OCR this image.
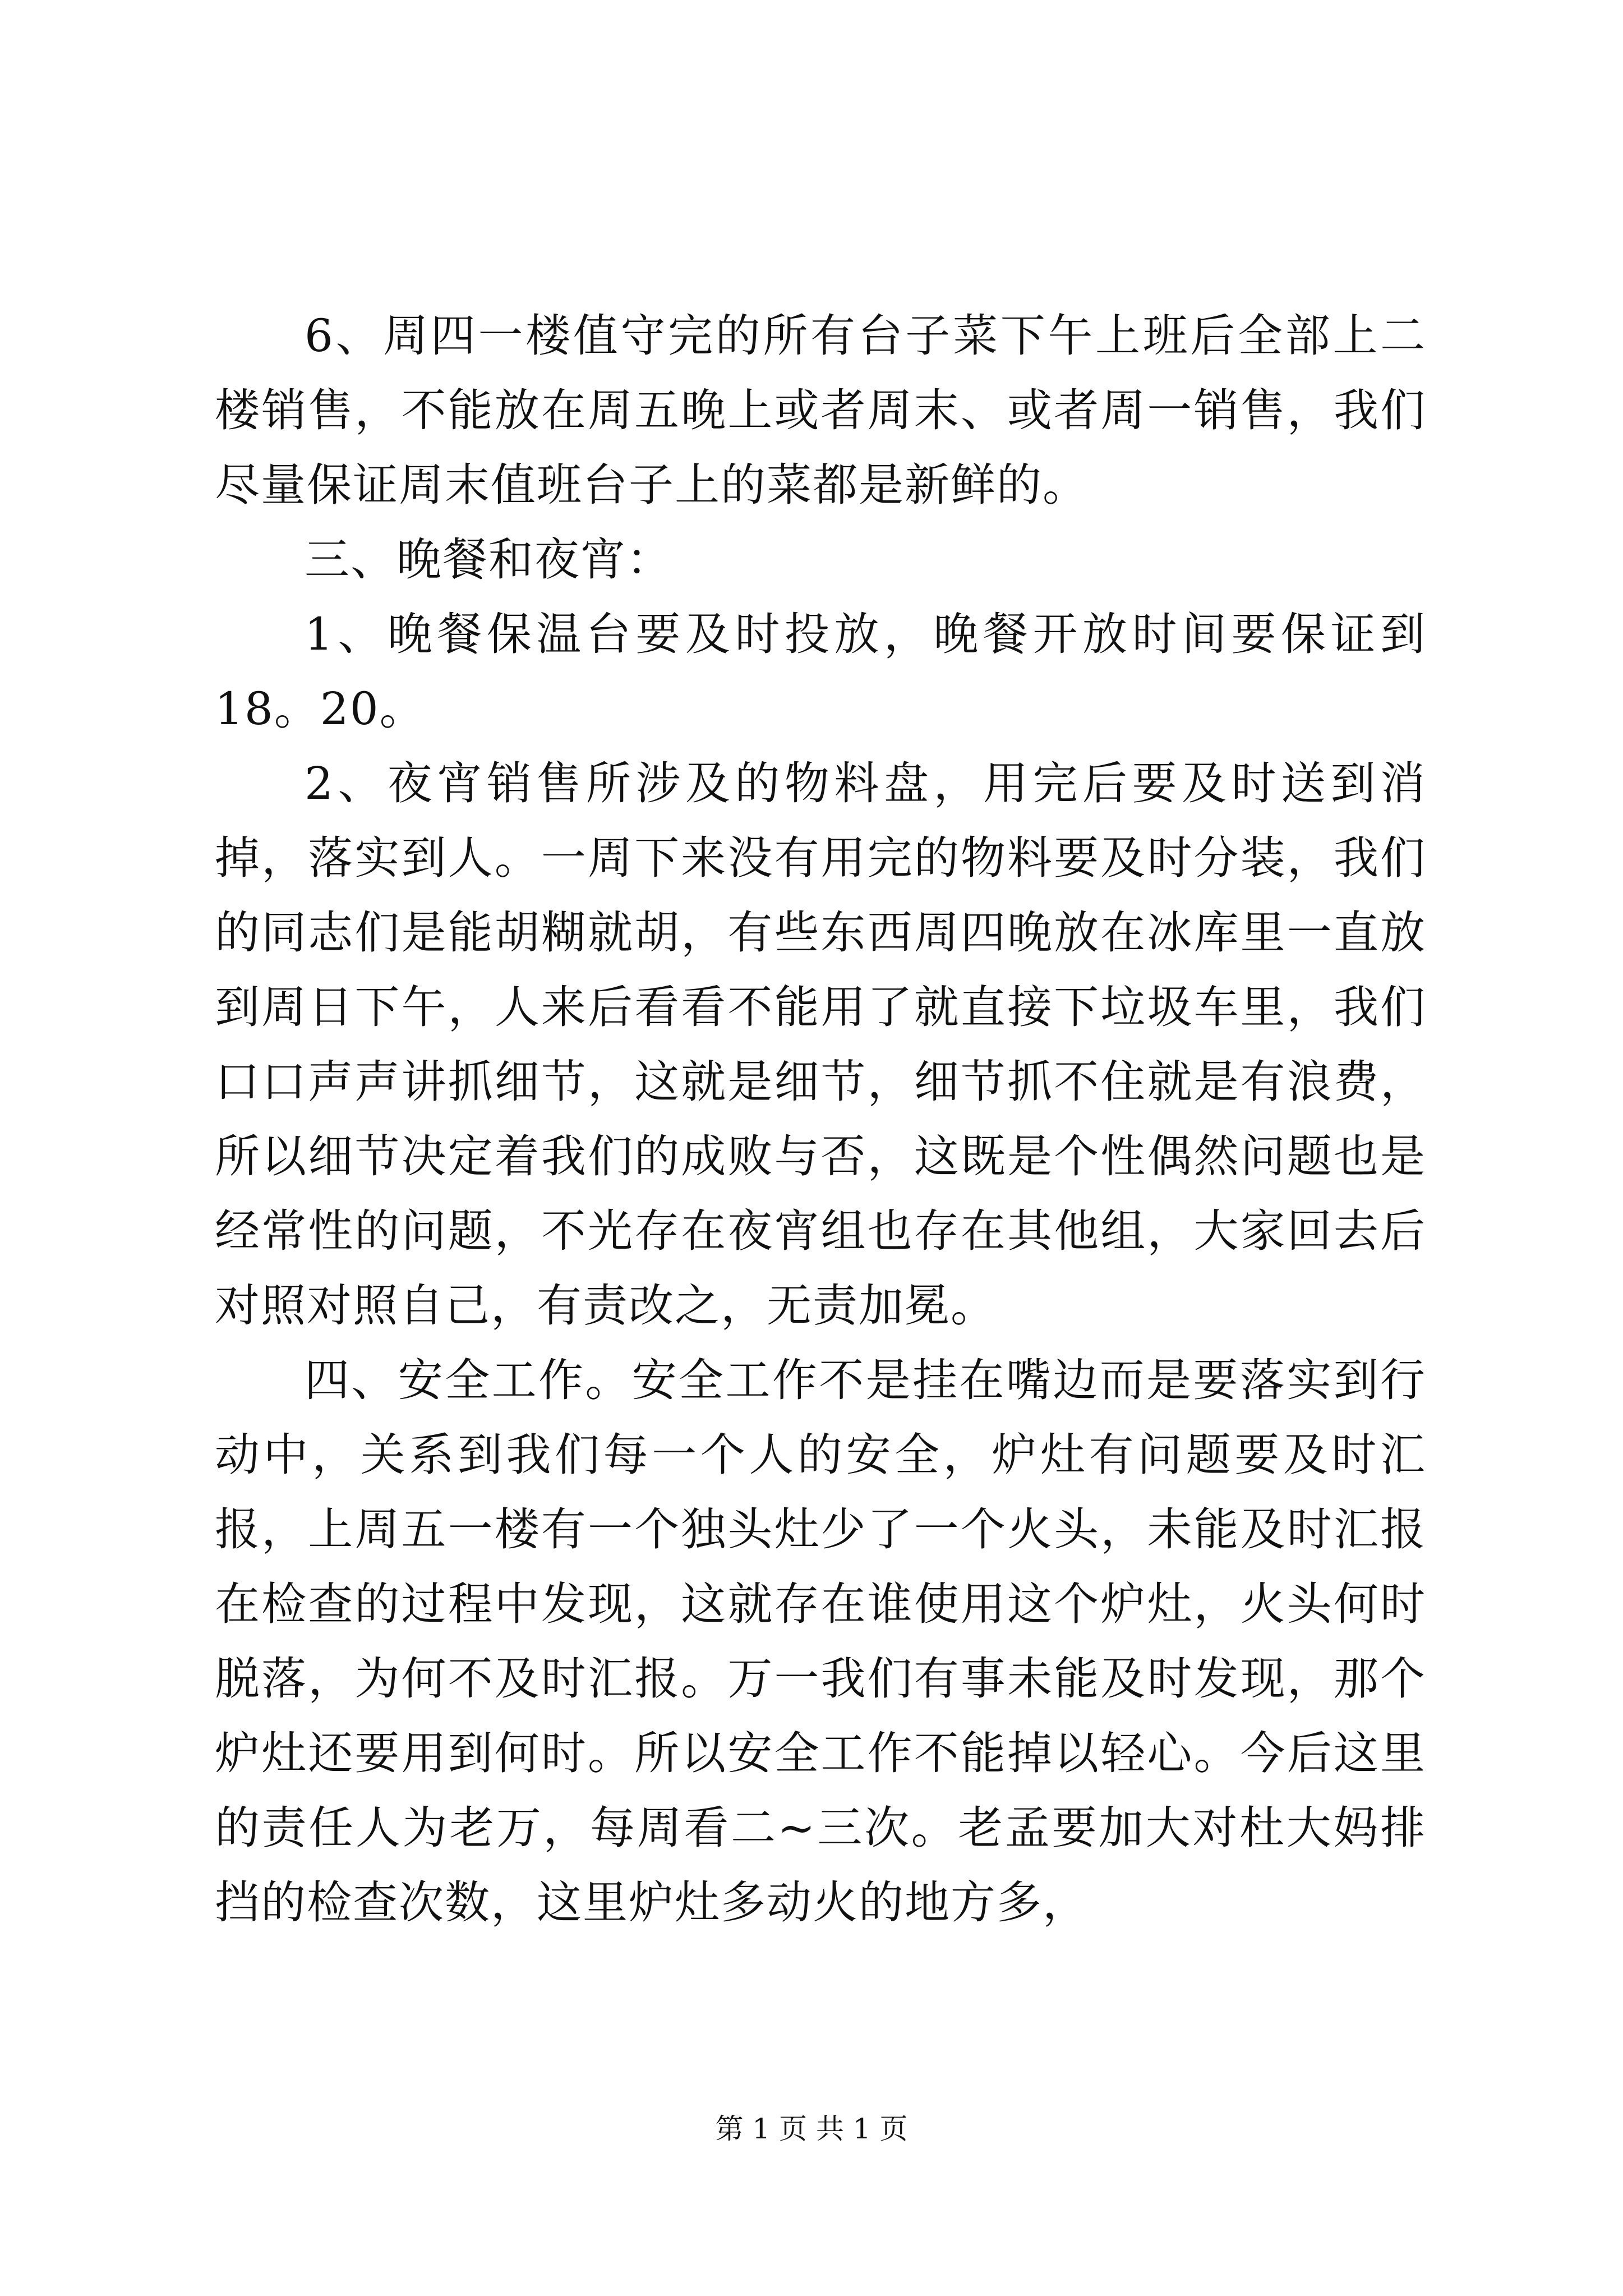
6、周四一楼值守完的所有台子菜下午上班后全部上二楼销售，不能放在周五晚上或者周末、或者周一销售，我们尽量保证周末值班台子上的菜都是新鲜的。

三、晚餐和夜宵：

1、晚餐保温台要及时投放，晚餐开放时间要保证到18。20。

2、夜宵销售所涉及的物料盘，用完后要及时送到消掉，落实到人。一周下来没有用完的物料要及时分装，我们的同志们是能胡糊就胡，有些东西周四晚放在冰库里一直放到周日下午，人来后看看不能用了就直接下垃圾车里，我们口口声声讲抓细节，这就是细节，细节抓不住就是有浪费，所以细节决定着我们的成败与否，这既是个性偶然问题也是经常性的问题，不光存在夜宵组也存在其他组，大家回去后对照对照自己，有责改之，无责加冕。

四、安全工作。安全工作不是挂在嘴边而是要落实到行动中，关系到我们每一个人的安全，炉灶有问题要及时汇报，上周五一楼有一个独头灶少了一个火头，未能及时汇报在检查的过程中发现，这就存在谁使用这个炉灶，火头何时脱落，为何不及时汇报。万一我们有事未能及时发现，那个炉灶还要用到何时。所以安全工作不能掉以轻心。今后这里的责任人为老万，每周看二~三次。老孟要加大对杜大妈排挡的检查次数，这里炉灶多动火的地方多，

第 1 页 共 1 页
